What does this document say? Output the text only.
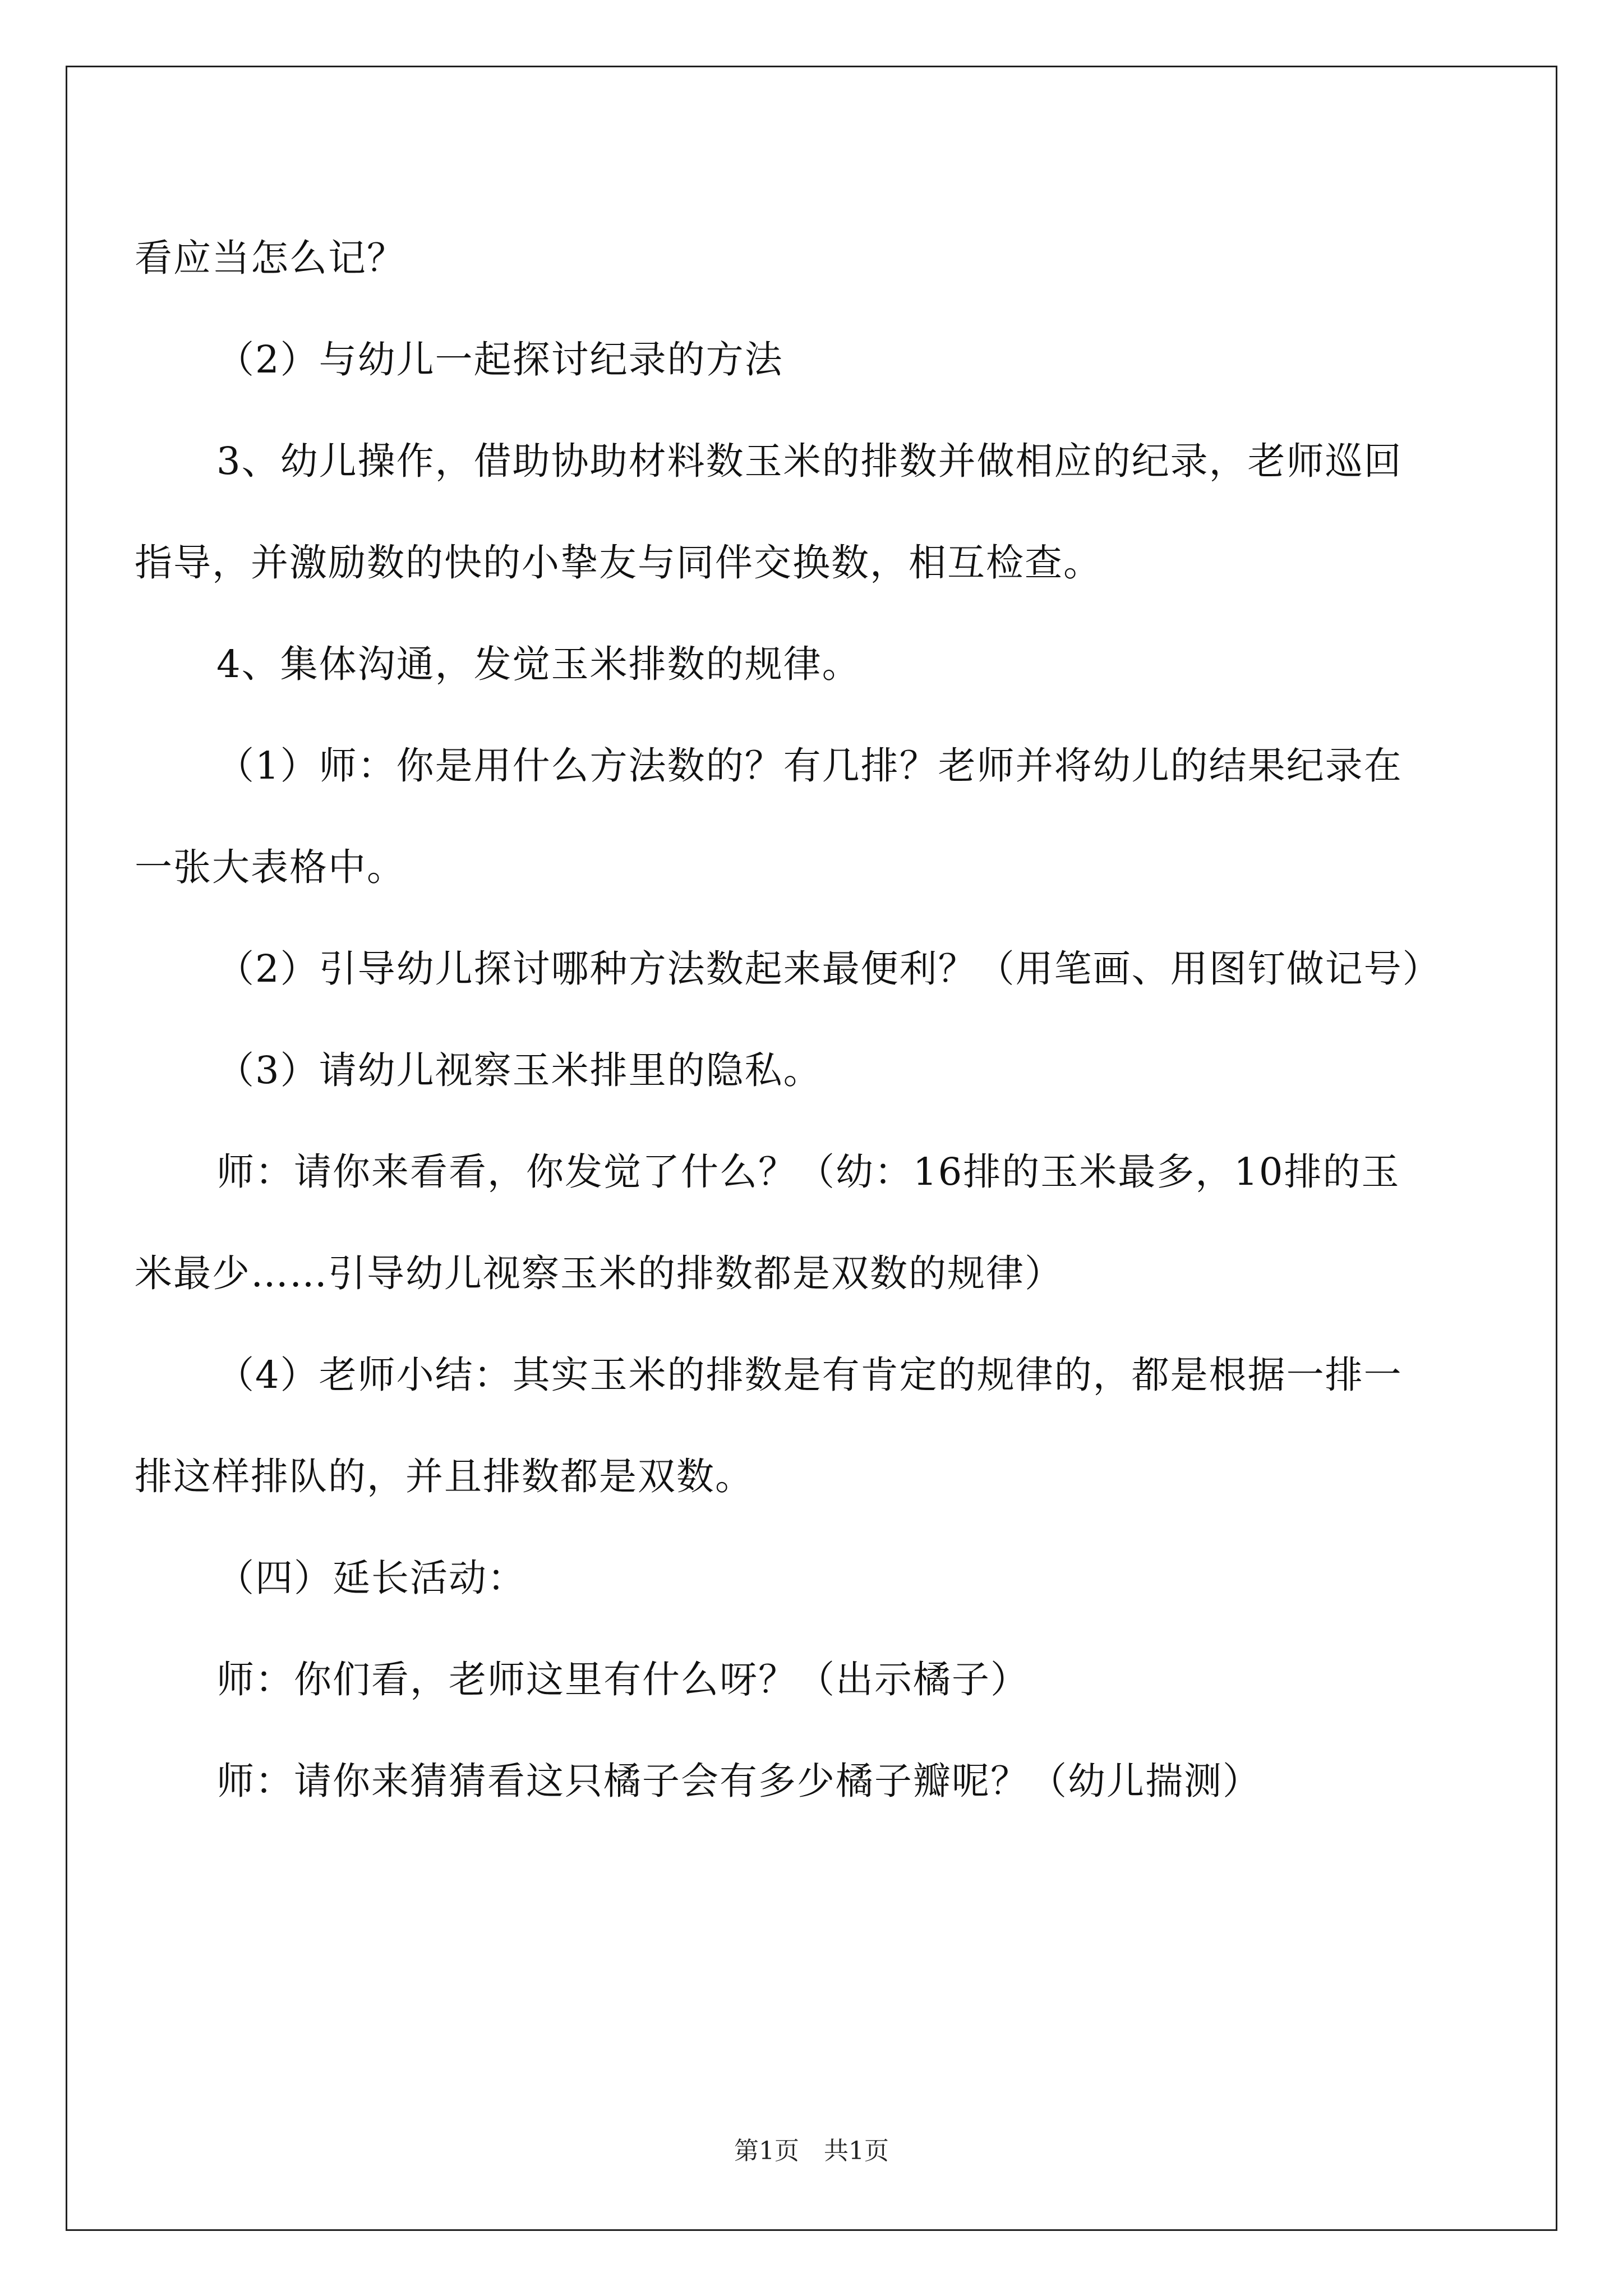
看应当怎么记？

（2）与幼儿一起探讨纪录的方法

3、幼儿操作，借助协助材料数玉米的排数并做相应的纪录，老师巡回指导，并激励数的快的小挚友与同伴交换数，相互检查。

4、集体沟通，发觉玉米排数的规律。

（1）师：你是用什么方法数的？有几排？老师并将幼儿的结果纪录在一张大表格中。

（2）引导幼儿探讨哪种方法数起来最便利？（用笔画、用图钉做记号）

（3）请幼儿视察玉米排里的隐私。

师：请你来看看，你发觉了什么？（幼：16排的玉米最多，10排的玉米最少……引导幼儿视察玉米的排数都是双数的规律）

（4）老师小结：其实玉米的排数是有肯定的规律的，都是根据一排一排这样排队的，并且排数都是双数。

（四）延长活动：

师：你们看，老师这里有什么呀？（出示橘子）

师：请你来猜猜看这只橘子会有多少橘子瓣呢？（幼儿揣测）

第1页　共1页
